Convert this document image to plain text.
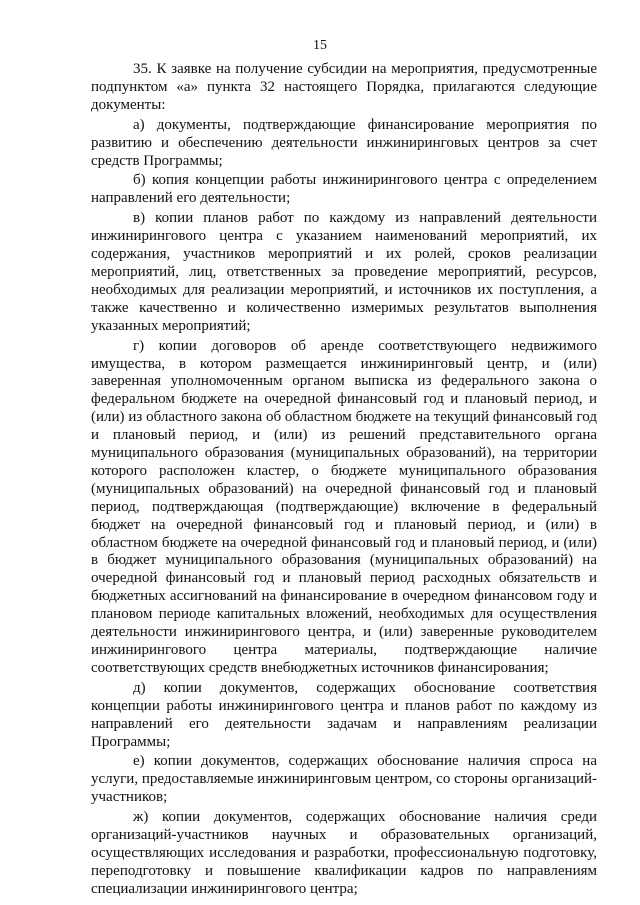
15

35. К заявке на получение субсидии на мероприятия, предусмотренные подпунктом «а» пункта 32 настоящего Порядка, прилагаются следующие документы:

а) документы, подтверждающие финансирование мероприятия по развитию и обеспечению деятельности инжиниринговых центров за счет средств Программы;

б) копия концепции работы инжинирингового центра с определением направлений его деятельности;

в) копии планов работ по каждому из направлений деятельности инжинирингового центра с указанием наименований мероприятий, их содержания, участников мероприятий и их ролей, сроков реализации мероприятий, лиц, ответственных за проведение мероприятий, ресурсов, необходимых для реализации мероприятий, и источников их поступления, а также качественно и количественно измеримых результатов выполнения указанных мероприятий;

г) копии договоров об аренде соответствующего недвижимого имущества, в котором размещается инжиниринговый центр, и (или) заверенная уполномоченным органом выписка из федерального закона о федеральном бюджете на очередной финансовый год и плановый период, и (или) из областного закона об областном бюджете на текущий финансовый год и плановый период, и (или) из решений представительного органа муниципального образования (муниципальных образований), на территории которого расположен кластер, о бюджете муниципального образования (муниципальных образований) на очередной финансовый год и плановый период, подтверждающая (подтверждающие) включение в федеральный бюджет на очередной финансовый год и плановый период, и (или) в областном бюджете на очередной финансовый год и плановый период, и (или) в бюджет муниципального образования (муниципальных образований) на очередной финансовый год и плановый период расходных обязательств и бюджетных ассигнований на финансирование в очередном финансовом году и плановом периоде капитальных вложений, необходимых для осуществления деятельности инжинирингового центра, и (или) заверенные руководителем инжинирингового центра материалы, подтверждающие наличие соответствующих средств внебюджетных источников финансирования;

д) копии документов, содержащих обоснование соответствия концепции работы инжинирингового центра и планов работ по каждому из направлений его деятельности задачам и направлениям реализации Программы;

е) копии документов, содержащих обоснование наличия спроса на услуги, предоставляемые инжиниринговым центром, со стороны организаций-участников;

ж) копии документов, содержащих обоснование наличия среди организаций-участников научных и образовательных организаций, осуществляющих исследования и разработки, профессиональную подготовку, переподготовку и повышение квалификации кадров по направлениям специализации инжинирингового центра;
